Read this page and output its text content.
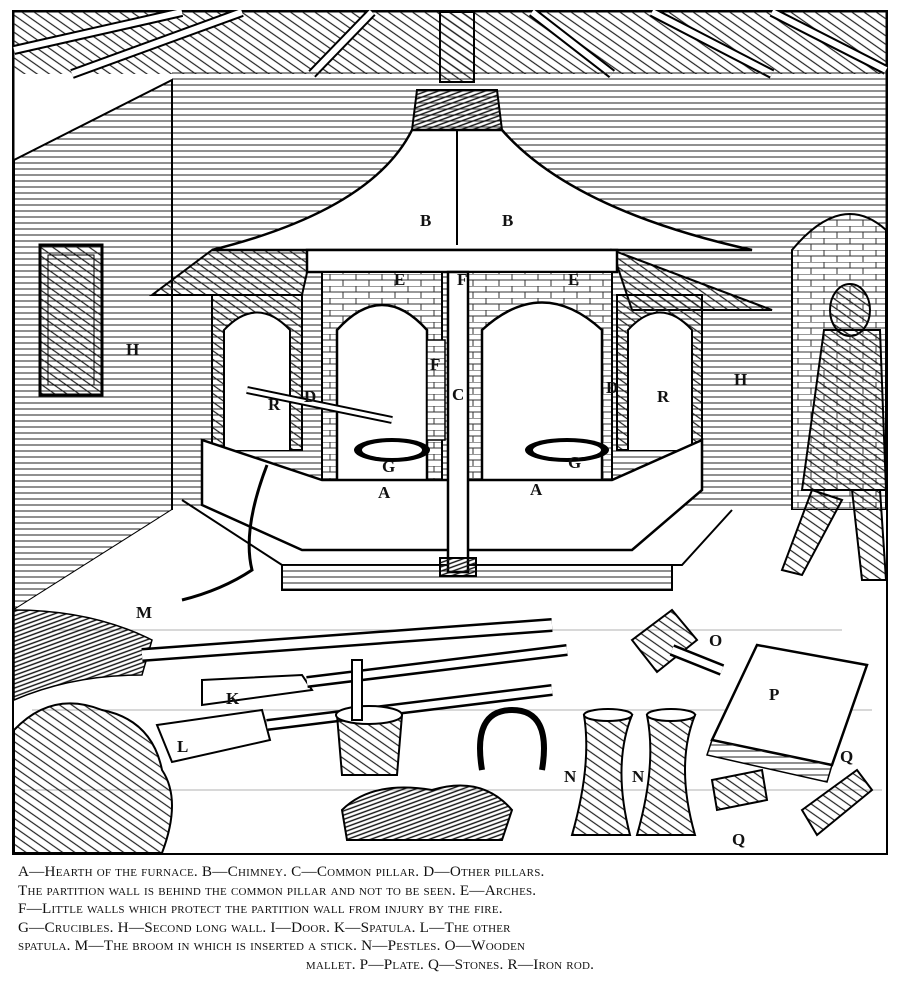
B	B
E	E
F
F
H
H
D	D
C
R	R
G	G
A	A
M
O
P
K
L
Q
Q
N	N
A—Hearth of the furnace. B—Chimney. C—Common pillar. D—Other pillars.
The partition wall is behind the common pillar and not to be seen. E—Arches.
F—Little walls which protect the partition wall from injury by the fire.
G—Crucibles. H—Second long wall. I—Door. K—Spatula. L—The other
spatula. M—The broom in which is inserted a stick. N—Pestles. O—Wooden
mallet. P—Plate. Q—Stones. R—Iron rod.
